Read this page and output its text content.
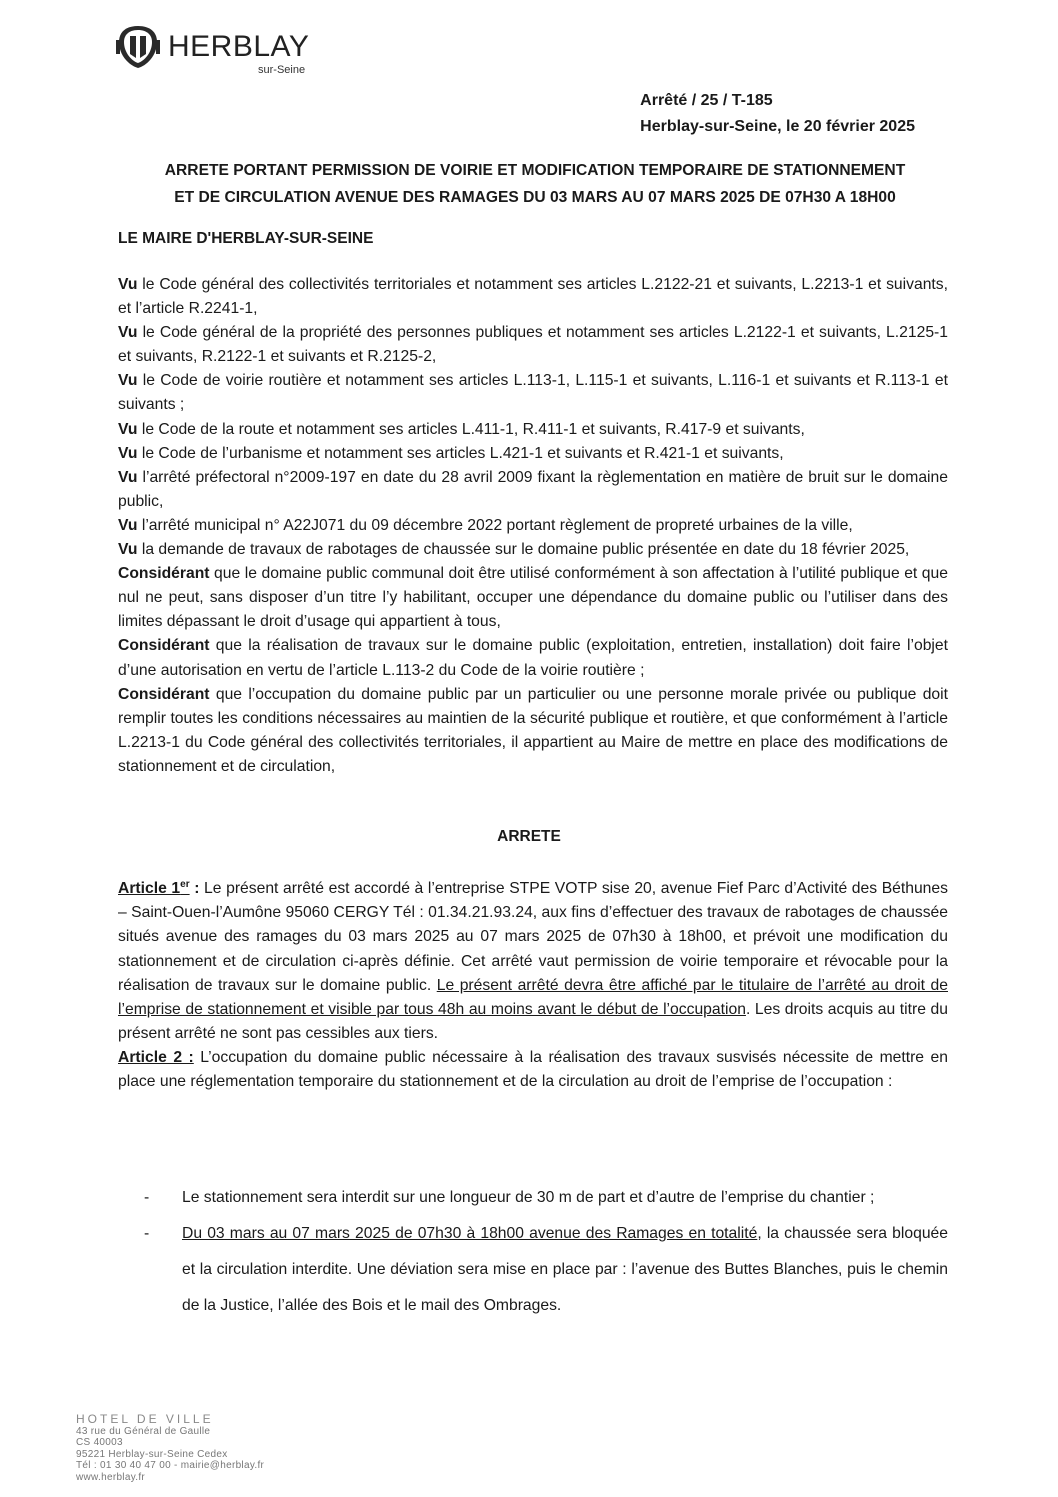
HERBLAY
sur-Seine
Arrêté / 25 / T-185
Herblay-sur-Seine, le 20 février 2025
ARRETE PORTANT PERMISSION DE VOIRIE ET MODIFICATION TEMPORAIRE DE STATIONNEMENT
ET DE CIRCULATION AVENUE DES RAMAGES DU 03 MARS AU 07 MARS 2025 DE 07H30 A 18H00
LE MAIRE D'HERBLAY-SUR-SEINE

Vu le Code général des collectivités territoriales et notamment ses articles L.2122-21 et suivants, L.2213-1 et suivants, et l’article R.2241-1,

Vu le Code général de la propriété des personnes publiques et notamment ses articles L.2122-1 et suivants, L.2125-1 et suivants, R.2122-1 et suivants et R.2125-2,

Vu le Code de voirie routière et notamment ses articles L.113-1, L.115-1 et suivants, L.116-1 et suivants et R.113-1 et suivants ;

Vu le Code de la route et notamment ses articles L.411-1, R.411-1 et suivants, R.417-9 et suivants,

Vu le Code de l’urbanisme et notamment ses articles L.421-1 et suivants et R.421-1 et suivants,

Vu l’arrêté préfectoral n°2009-197 en date du 28 avril 2009 fixant la règlementation en matière de bruit sur le domaine public,

Vu l’arrêté municipal n° A22J071 du 09 décembre 2022 portant règlement de propreté urbaines de la ville,

Vu la demande de travaux de rabotages de chaussée sur le domaine public présentée en date du 18 février 2025,

Considérant que le domaine public communal doit être utilisé conformément à son affectation à l’utilité publique et que nul ne peut, sans disposer d’un titre l’y habilitant, occuper une dépendance du domaine public ou l’utiliser dans des limites dépassant le droit d’usage qui appartient à tous,

Considérant que la réalisation de travaux sur le domaine public (exploitation, entretien, installation) doit faire l’objet d’une autorisation en vertu de l’article L.113-2 du Code de la voirie routière ;

Considérant que l’occupation du domaine public par un particulier ou une personne morale privée ou publique doit remplir toutes les conditions nécessaires au maintien de la sécurité publique et routière, et que conformément à l’article L.2213-1 du Code général des collectivités territoriales, il appartient au Maire de mettre en place des modifications de stationnement et de circulation,

ARRETE

Article 1er : Le présent arrêté est accordé à l’entreprise STPE VOTP sise 20, avenue Fief Parc d’Activité des Béthunes – Saint-Ouen-l’Aumône 95060 CERGY Tél : 01.34.21.93.24, aux fins d’effectuer des travaux de rabotages de chaussée situés avenue des ramages du 03 mars 2025 au 07 mars 2025 de 07h30 à 18h00, et prévoit une modification du stationnement et de circulation ci-après définie. Cet arrêté vaut permission de voirie temporaire et révocable pour la réalisation de travaux sur le domaine public. Le présent arrêté devra être affiché par le titulaire de l’arrêté au droit de l’emprise de stationnement et visible par tous 48h au moins avant le début de l’occupation. Les droits acquis au titre du présent arrêté ne sont pas cessibles aux tiers.

Article 2 : L’occupation du domaine public nécessaire à la réalisation des travaux susvisés nécessite de mettre en place une réglementation temporaire du stationnement et de la circulation au droit de l’emprise de l’occupation :

- Le stationnement sera interdit sur une longueur de 30 m de part et d’autre de l’emprise du chantier ;
- Du 03 mars au 07 mars 2025 de 07h30 à 18h00 avenue des Ramages en totalité, la chaussée sera bloquée et la circulation interdite. Une déviation sera mise en place par : l’avenue des Buttes Blanches, puis le chemin de la Justice, l’allée des Bois et le mail des Ombrages.
HOTEL DE VILLE
43 rue du Général de Gaulle
CS 40003
95221 Herblay-sur-Seine Cedex
Tél : 01 30 40 47 00 - mairie@herblay.fr
www.herblay.fr
